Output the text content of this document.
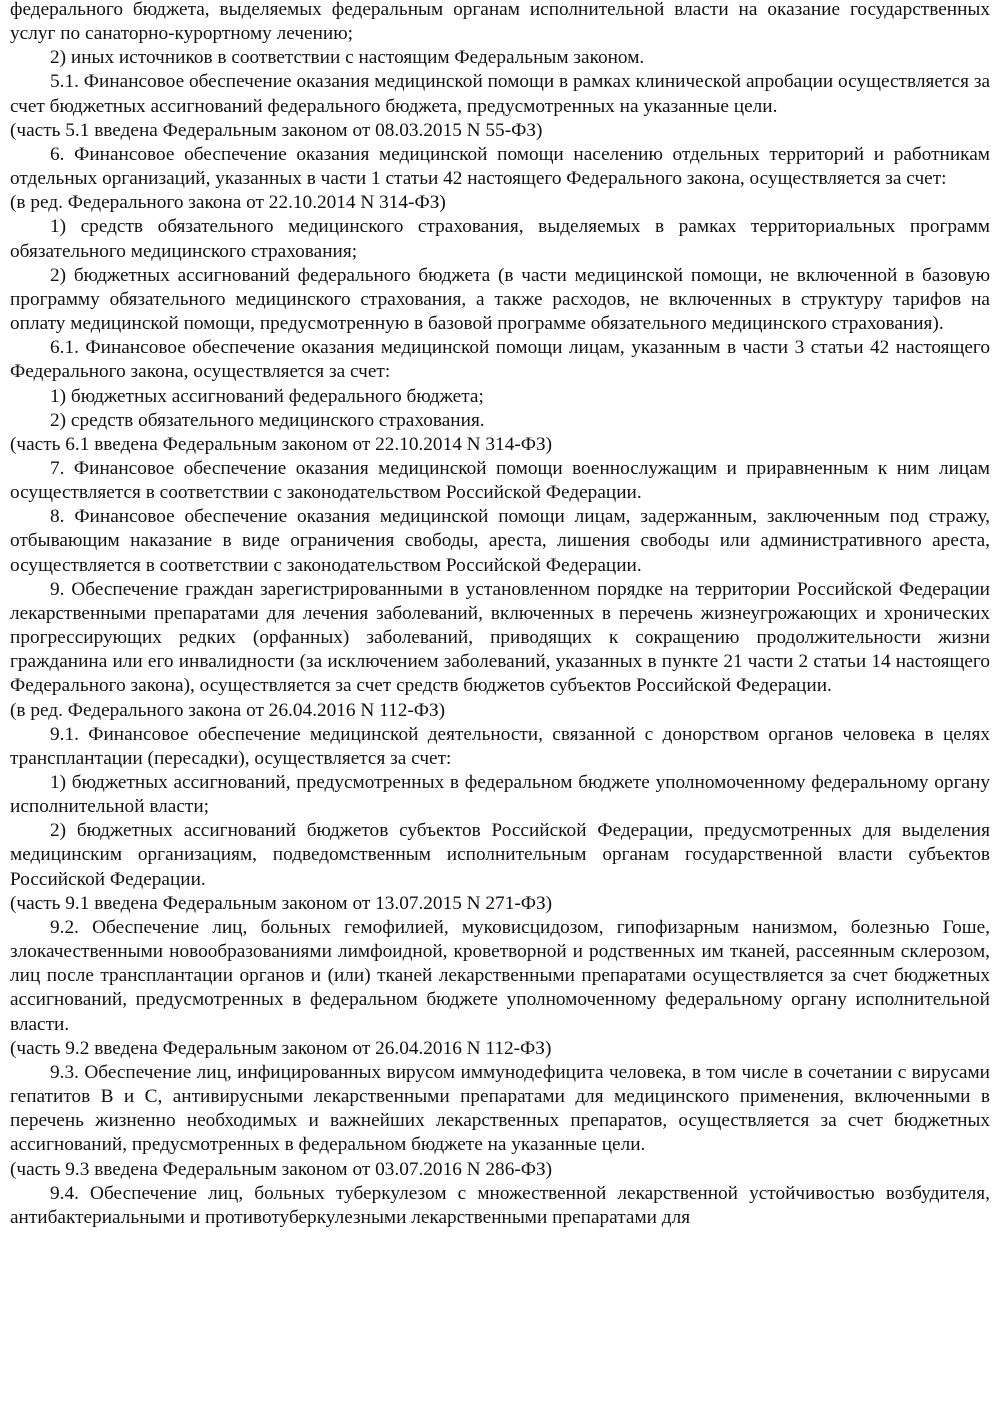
федерального бюджета, выделяемых федеральным органам исполнительной власти на оказание государственных услуг по санаторно-курортному лечению;

2) иных источников в соответствии с настоящим Федеральным законом.

5.1. Финансовое обеспечение оказания медицинской помощи в рамках клинической апробации осуществляется за счет бюджетных ассигнований федерального бюджета, предусмотренных на указанные цели.

(часть 5.1 введена Федеральным законом от 08.03.2015 N 55-ФЗ)

6. Финансовое обеспечение оказания медицинской помощи населению отдельных территорий и работникам отдельных организаций, указанных в части 1 статьи 42 настоящего Федерального закона, осуществляется за счет:

(в ред. Федерального закона от 22.10.2014 N 314-ФЗ)

1) средств обязательного медицинского страхования, выделяемых в рамках территориальных программ обязательного медицинского страхования;

2) бюджетных ассигнований федерального бюджета (в части медицинской помощи, не включенной в базовую программу обязательного медицинского страхования, а также расходов, не включенных в структуру тарифов на оплату медицинской помощи, предусмотренную в базовой программе обязательного медицинского страхования).

6.1. Финансовое обеспечение оказания медицинской помощи лицам, указанным в части 3 статьи 42 настоящего Федерального закона, осуществляется за счет:

1) бюджетных ассигнований федерального бюджета;

2) средств обязательного медицинского страхования.

(часть 6.1 введена Федеральным законом от 22.10.2014 N 314-ФЗ)

7. Финансовое обеспечение оказания медицинской помощи военнослужащим и приравненным к ним лицам осуществляется в соответствии с законодательством Российской Федерации.

8. Финансовое обеспечение оказания медицинской помощи лицам, задержанным, заключенным под стражу, отбывающим наказание в виде ограничения свободы, ареста, лишения свободы или административного ареста, осуществляется в соответствии с законодательством Российской Федерации.

9. Обеспечение граждан зарегистрированными в установленном порядке на территории Российской Федерации лекарственными препаратами для лечения заболеваний, включенных в перечень жизнеугрожающих и хронических прогрессирующих редких (орфанных) заболеваний, приводящих к сокращению продолжительности жизни гражданина или его инвалидности (за исключением заболеваний, указанных в пункте 21 части 2 статьи 14 настоящего Федерального закона), осуществляется за счет средств бюджетов субъектов Российской Федерации.

(в ред. Федерального закона от 26.04.2016 N 112-ФЗ)

9.1. Финансовое обеспечение медицинской деятельности, связанной с донорством органов человека в целях трансплантации (пересадки), осуществляется за счет:

1) бюджетных ассигнований, предусмотренных в федеральном бюджете уполномоченному федеральному органу исполнительной власти;

2) бюджетных ассигнований бюджетов субъектов Российской Федерации, предусмотренных для выделения медицинским организациям, подведомственным исполнительным органам государственной власти субъектов Российской Федерации.

(часть 9.1 введена Федеральным законом от 13.07.2015 N 271-ФЗ)

9.2. Обеспечение лиц, больных гемофилией, муковисцидозом, гипофизарным нанизмом, болезнью Гоше, злокачественными новообразованиями лимфоидной, кроветворной и родственных им тканей, рассеянным склерозом, лиц после трансплантации органов и (или) тканей лекарственными препаратами осуществляется за счет бюджетных ассигнований, предусмотренных в федеральном бюджете уполномоченному федеральному органу исполнительной власти.

(часть 9.2 введена Федеральным законом от 26.04.2016 N 112-ФЗ)

9.3. Обеспечение лиц, инфицированных вирусом иммунодефицита человека, в том числе в сочетании с вирусами гепатитов B и C, антивирусными лекарственными препаратами для медицинского применения, включенными в перечень жизненно необходимых и важнейших лекарственных препаратов, осуществляется за счет бюджетных ассигнований, предусмотренных в федеральном бюджете на указанные цели.

(часть 9.3 введена Федеральным законом от 03.07.2016 N 286-ФЗ)

9.4. Обеспечение лиц, больных туберкулезом с множественной лекарственной устойчивостью возбудителя, антибактериальными и противотуберкулезными лекарственными препаратами для
